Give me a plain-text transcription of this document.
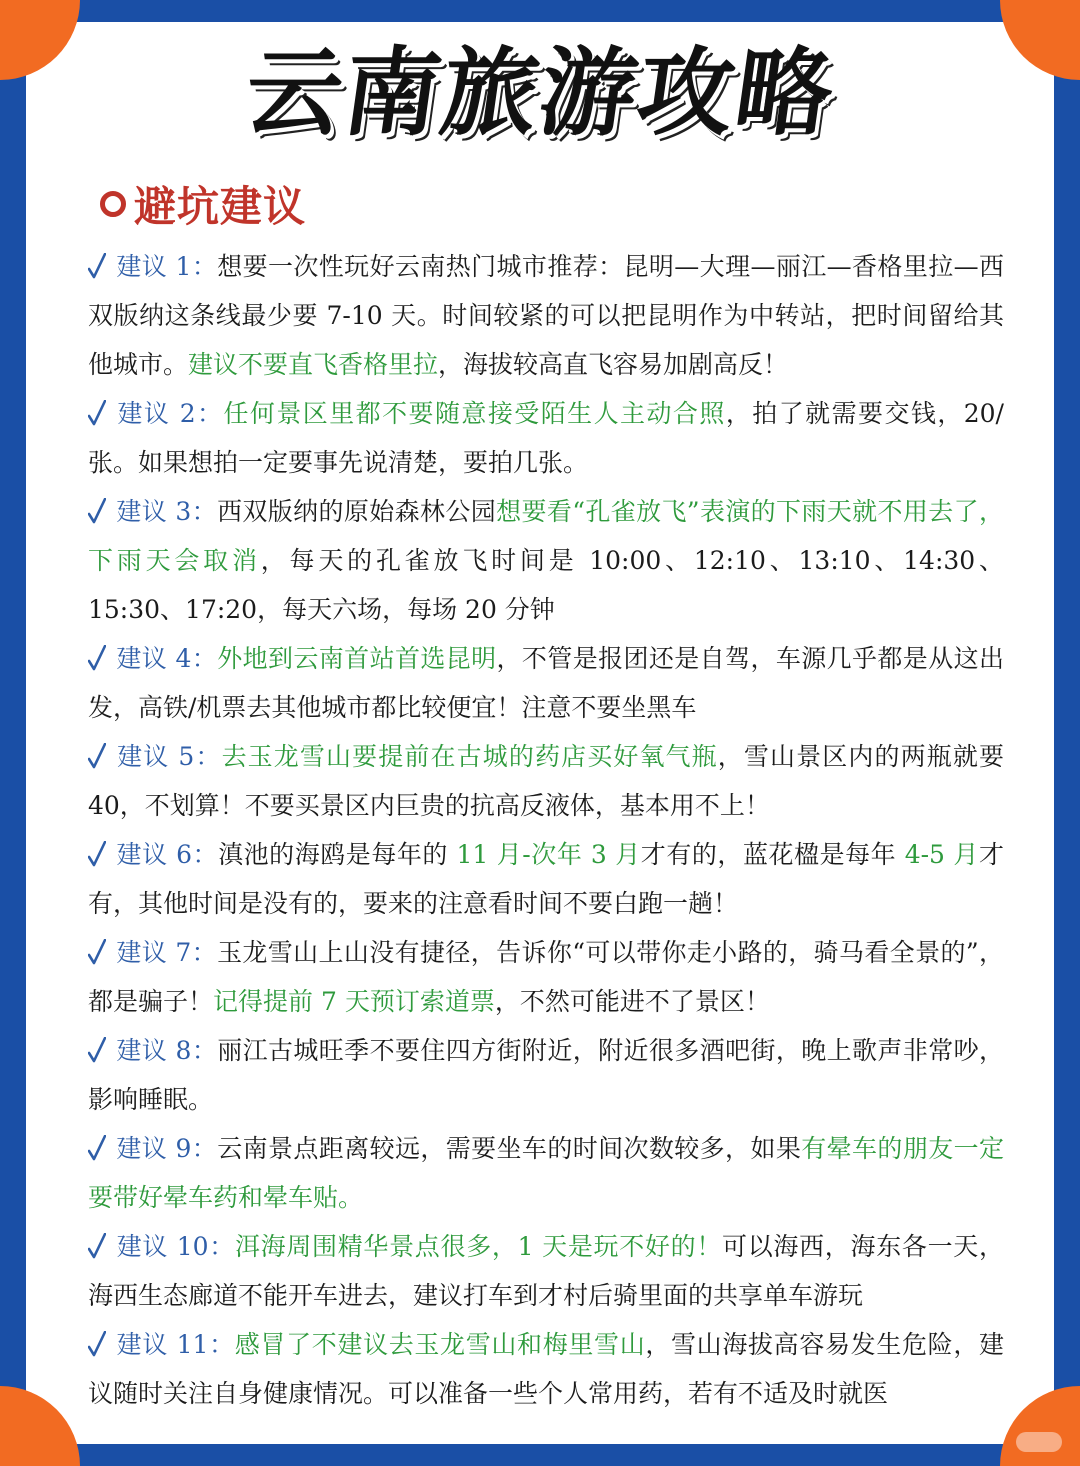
云南旅游攻略
避坑建议
建议 1：想要一次性玩好云南热门城市推荐：昆明—大理—丽江—香格里拉—西双版纳这条线最少要 7-10 天。时间较紧的可以把昆明作为中转站，把时间留给其他城市。建议不要直飞香格里拉，海拔较高直飞容易加剧高反！
建议 2：任何景区里都不要随意接受陌生人主动合照，拍了就需要交钱，20/张。如果想拍一定要事先说清楚，要拍几张。
建议 3：西双版纳的原始森林公园想要看“孔雀放飞”表演的下雨天就不用去了，下雨天会取消，每天的孔雀放飞时间是 10:00、12:10、13:10、14:30、15:30、17:20，每天六场，每场 20 分钟
建议 4：外地到云南首站首选昆明，不管是报团还是自驾，车源几乎都是从这出发，高铁/机票去其他城市都比较便宜！注意不要坐黑车
建议 5：去玉龙雪山要提前在古城的药店买好氧气瓶，雪山景区内的两瓶就要 40，不划算！不要买景区内巨贵的抗高反液体，基本用不上！
建议 6：滇池的海鸥是每年的 11 月-次年 3 月才有的，蓝花楹是每年 4-5 月才有，其他时间是没有的，要来的注意看时间不要白跑一趟！
建议 7：玉龙雪山上山没有捷径，告诉你“可以带你走小路的，骑马看全景的”，都是骗子！记得提前 7 天预订索道票，不然可能进不了景区！
建议 8：丽江古城旺季不要住四方街附近，附近很多酒吧街，晚上歌声非常吵，影响睡眠。
建议 9：云南景点距离较远，需要坐车的时间次数较多，如果有晕车的朋友一定要带好晕车药和晕车贴。
建议 10：洱海周围精华景点很多，1 天是玩不好的！可以海西，海东各一天，海西生态廊道不能开车进去，建议打车到才村后骑里面的共享单车游玩
建议 11：感冒了不建议去玉龙雪山和梅里雪山，雪山海拔高容易发生危险，建议随时关注自身健康情况。可以准备一些个人常用药，若有不适及时就医
